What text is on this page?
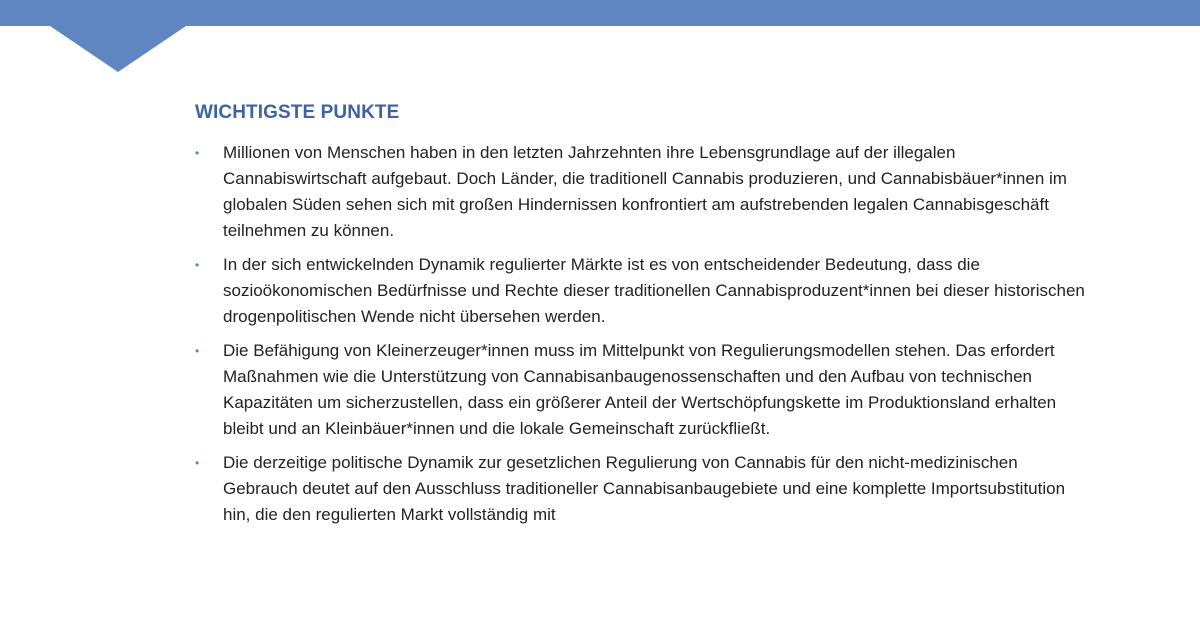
WICHTIGSTE PUNKTE
• Millionen von Menschen haben in den letzten Jahrzehnten ihre Lebensgrundlage auf der illegalen Cannabiswirtschaft aufgebaut. Doch Länder, die traditionell Cannabis produzieren, und Cannabisbäuer*innen im globalen Süden sehen sich mit großen Hindernissen konfrontiert am aufstrebenden legalen Cannabisgeschäft teilnehmen zu können.
• In der sich entwickelnden Dynamik regulierter Märkte ist es von entscheidender Bedeutung, dass die sozioökonomischen Bedürfnisse und Rechte dieser traditionellen Cannabisproduzent*innen bei dieser historischen drogenpolitischen Wende nicht übersehen werden.
• Die Befähigung von Kleinerzeuger*innen muss im Mittelpunkt von Regulierungsmodellen stehen. Das erfordert Maßnahmen wie die Unterstützung von Cannabisanbaugenossenschaften und den Aufbau von technischen Kapazitäten um sicherzustellen, dass ein größerer Anteil der Wertschöpfungskette im Produktionsland erhalten bleibt und an Kleinbäuer*innen und die lokale Gemeinschaft zurückfließt.
• Die derzeitige politische Dynamik zur gesetzlichen Regulierung von Cannabis für den nicht-medizinischen Gebrauch deutet auf den Ausschluss traditioneller Cannabisanbaugebiete und eine komplette Importsubstitution hin, die den regulierten Markt vollständig mit
